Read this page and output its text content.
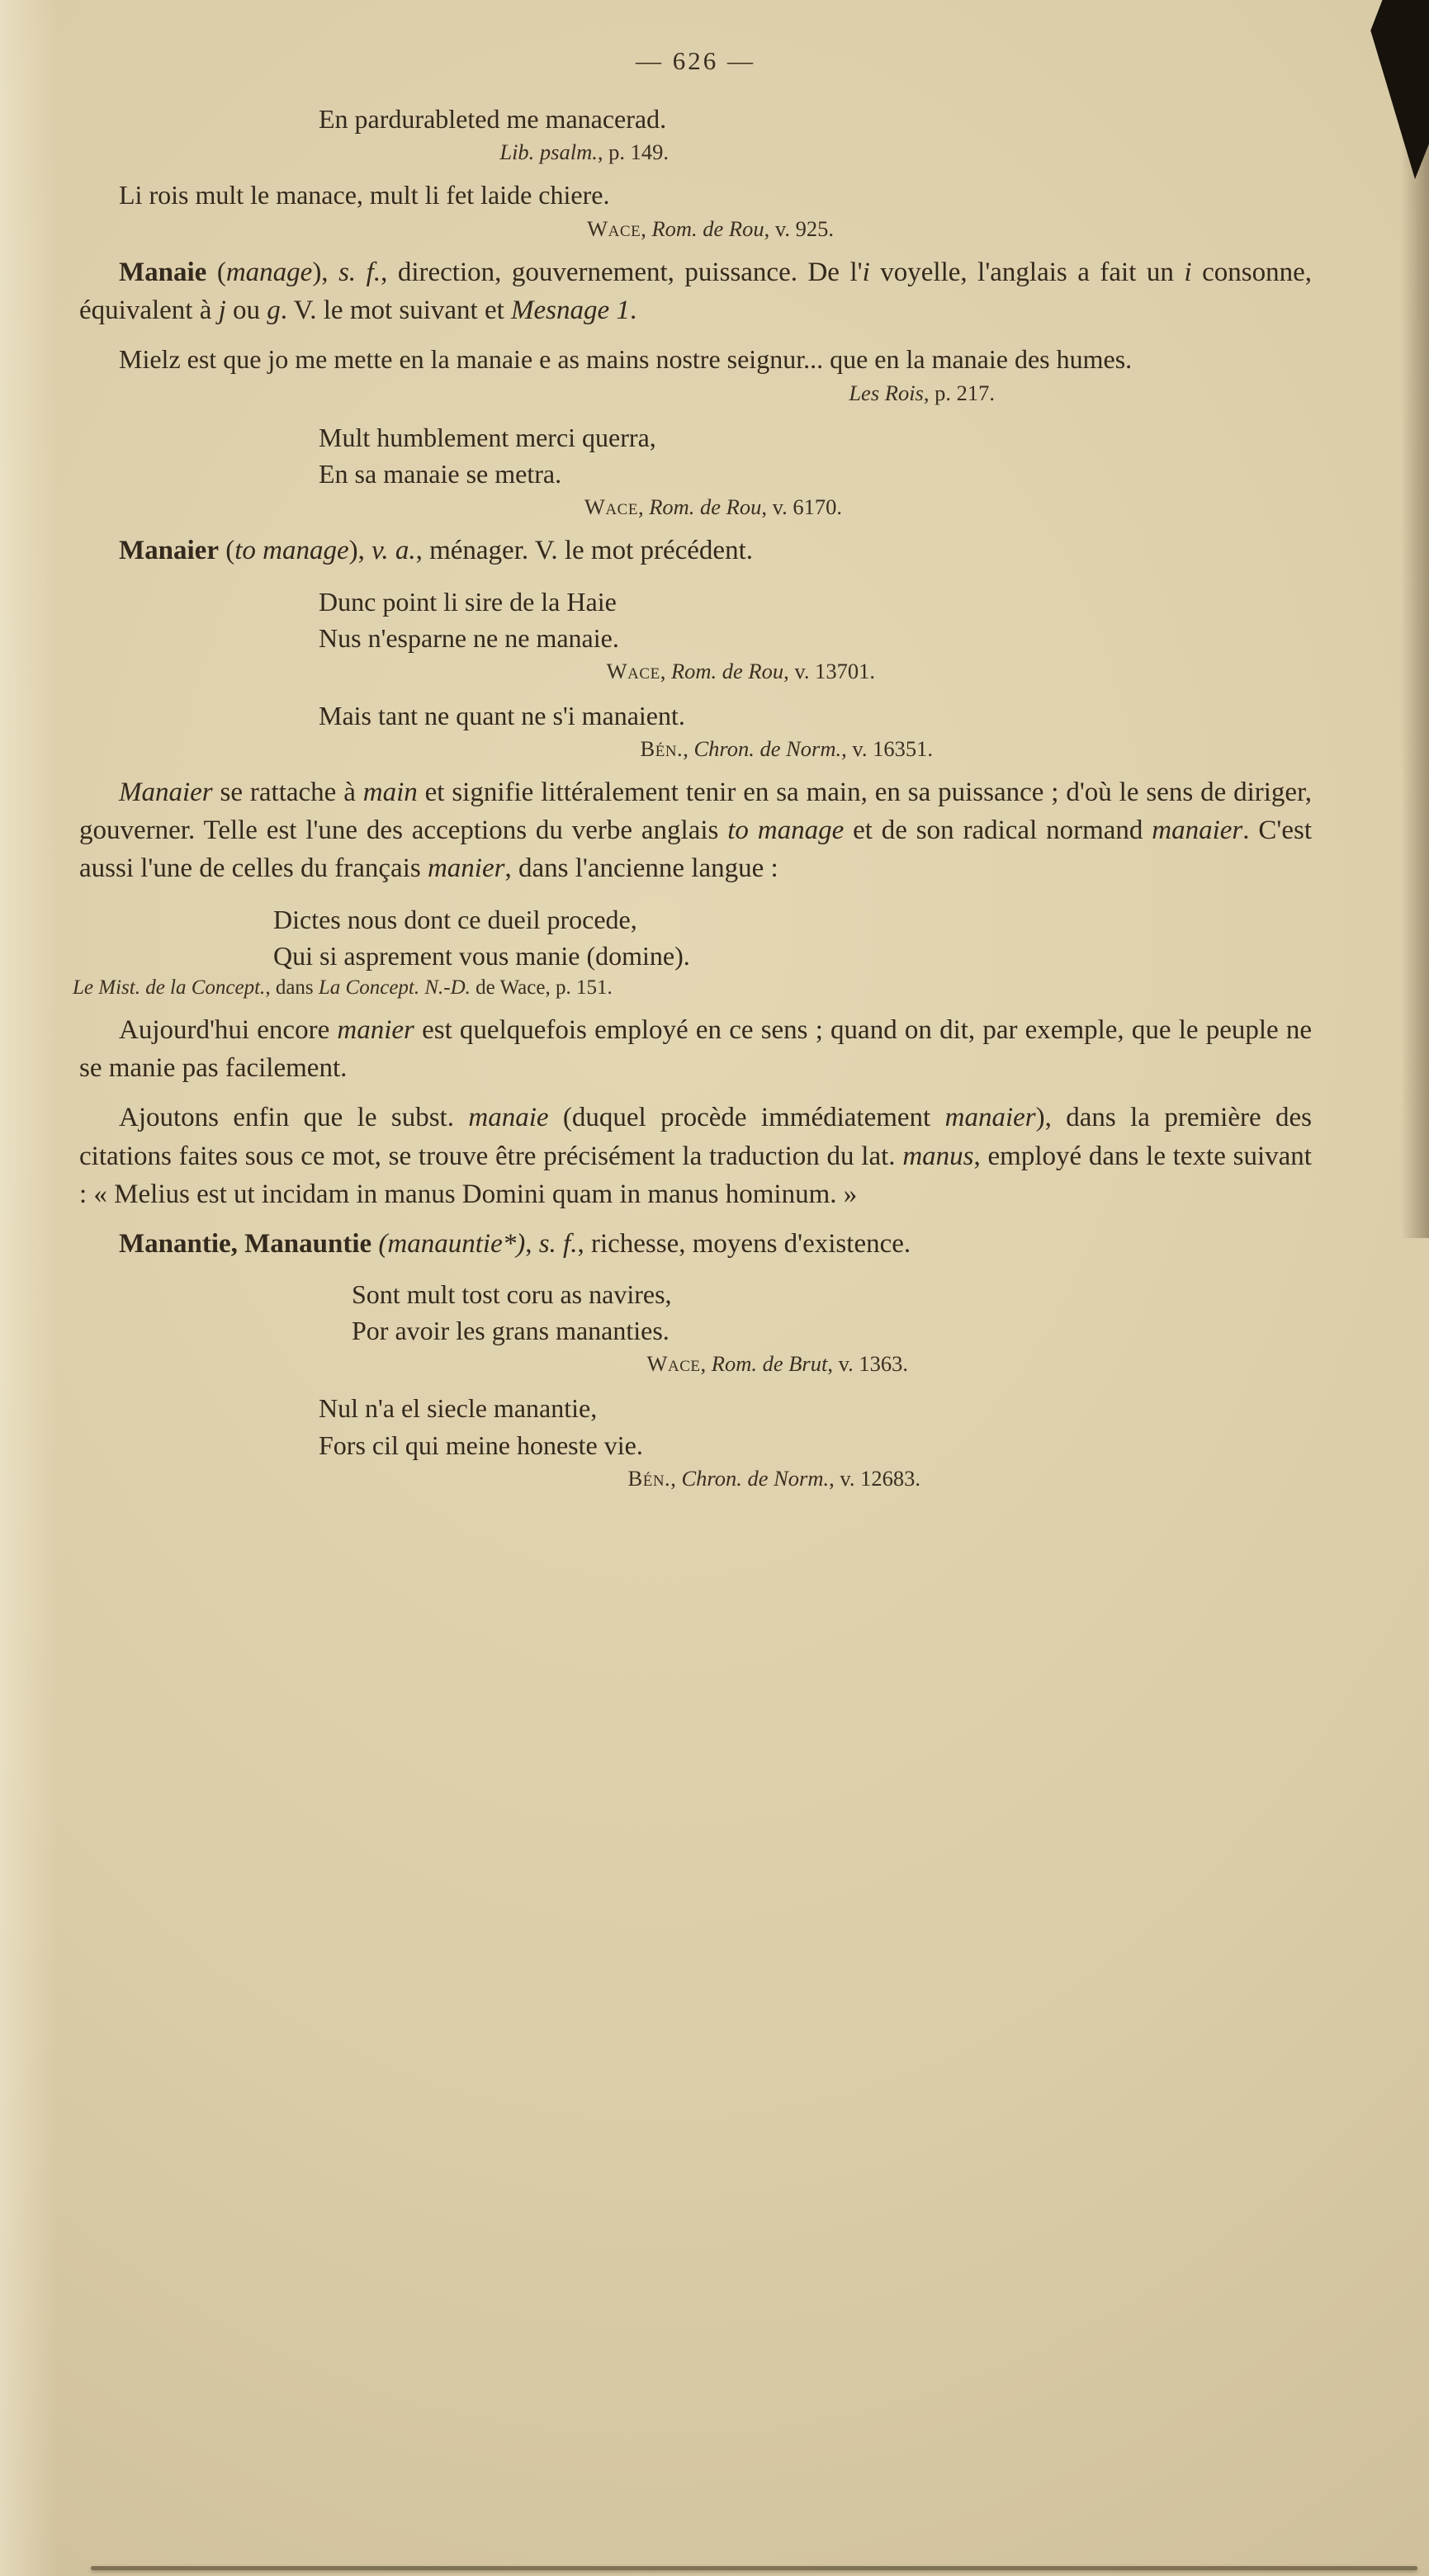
— 626 —
En pardurableted me manacerad.
Lib. psalm., p. 149.
Li rois mult le manace, mult li fet laide chiere.
Wace, Rom. de Rou, v. 925.
Manaie (manage), s. f., direction, gouvernement, puissance. De l'i voyelle, l'anglais a fait un i consonne, équivalent à j ou g. V. le mot suivant et Mesnage 1.
Mielz est que jo me mette en la manaie e as mains nostre seignur... que en la manaie des humes.
Les Rois, p. 217.
Mult humblement merci querra,
En sa manaie se metra.
Wace, Rom. de Rou, v. 6170.
Manaier (to manage), v. a., ménager. V. le mot précédent.
Dunc point li sire de la Haie
Nus n'esparne ne ne manaie.
Wace, Rom. de Rou, v. 13701.
Mais tant ne quant ne s'i manaient.
Bén., Chron. de Norm., v. 16351.
Manaier se rattache à main et signifie littéralement tenir en sa main, en sa puissance ; d'où le sens de diriger, gouverner. Telle est l'une des acceptions du verbe anglais to manage et de son radical normand manaier. C'est aussi l'une de celles du français manier, dans l'ancienne langue :
Dictes nous dont ce dueil procede,
Qui si asprement vous manie (domine).
Le Mist. de la Concept., dans La Concept. N.-D. de Wace, p. 151.
Aujourd'hui encore manier est quelquefois employé en ce sens ; quand on dit, par exemple, que le peuple ne se manie pas facilement.
Ajoutons enfin que le subst. manaie (duquel procède immédiatement manaier), dans la première des citations faites sous ce mot, se trouve être précisément la traduction du lat. manus, employé dans le texte suivant : « Melius est ut incidam in manus Domini quam in manus hominum. »
Manantie, Manauntie (manauntie*), s. f., richesse, moyens d'existence.
Sont mult tost coru as navires,
Por avoir les grans mananties.
Wace, Rom. de Brut, v. 1363.
Nul n'a el siecle manantie,
Fors cil qui meine honeste vie.
Bén., Chron. de Norm., v. 12683.
